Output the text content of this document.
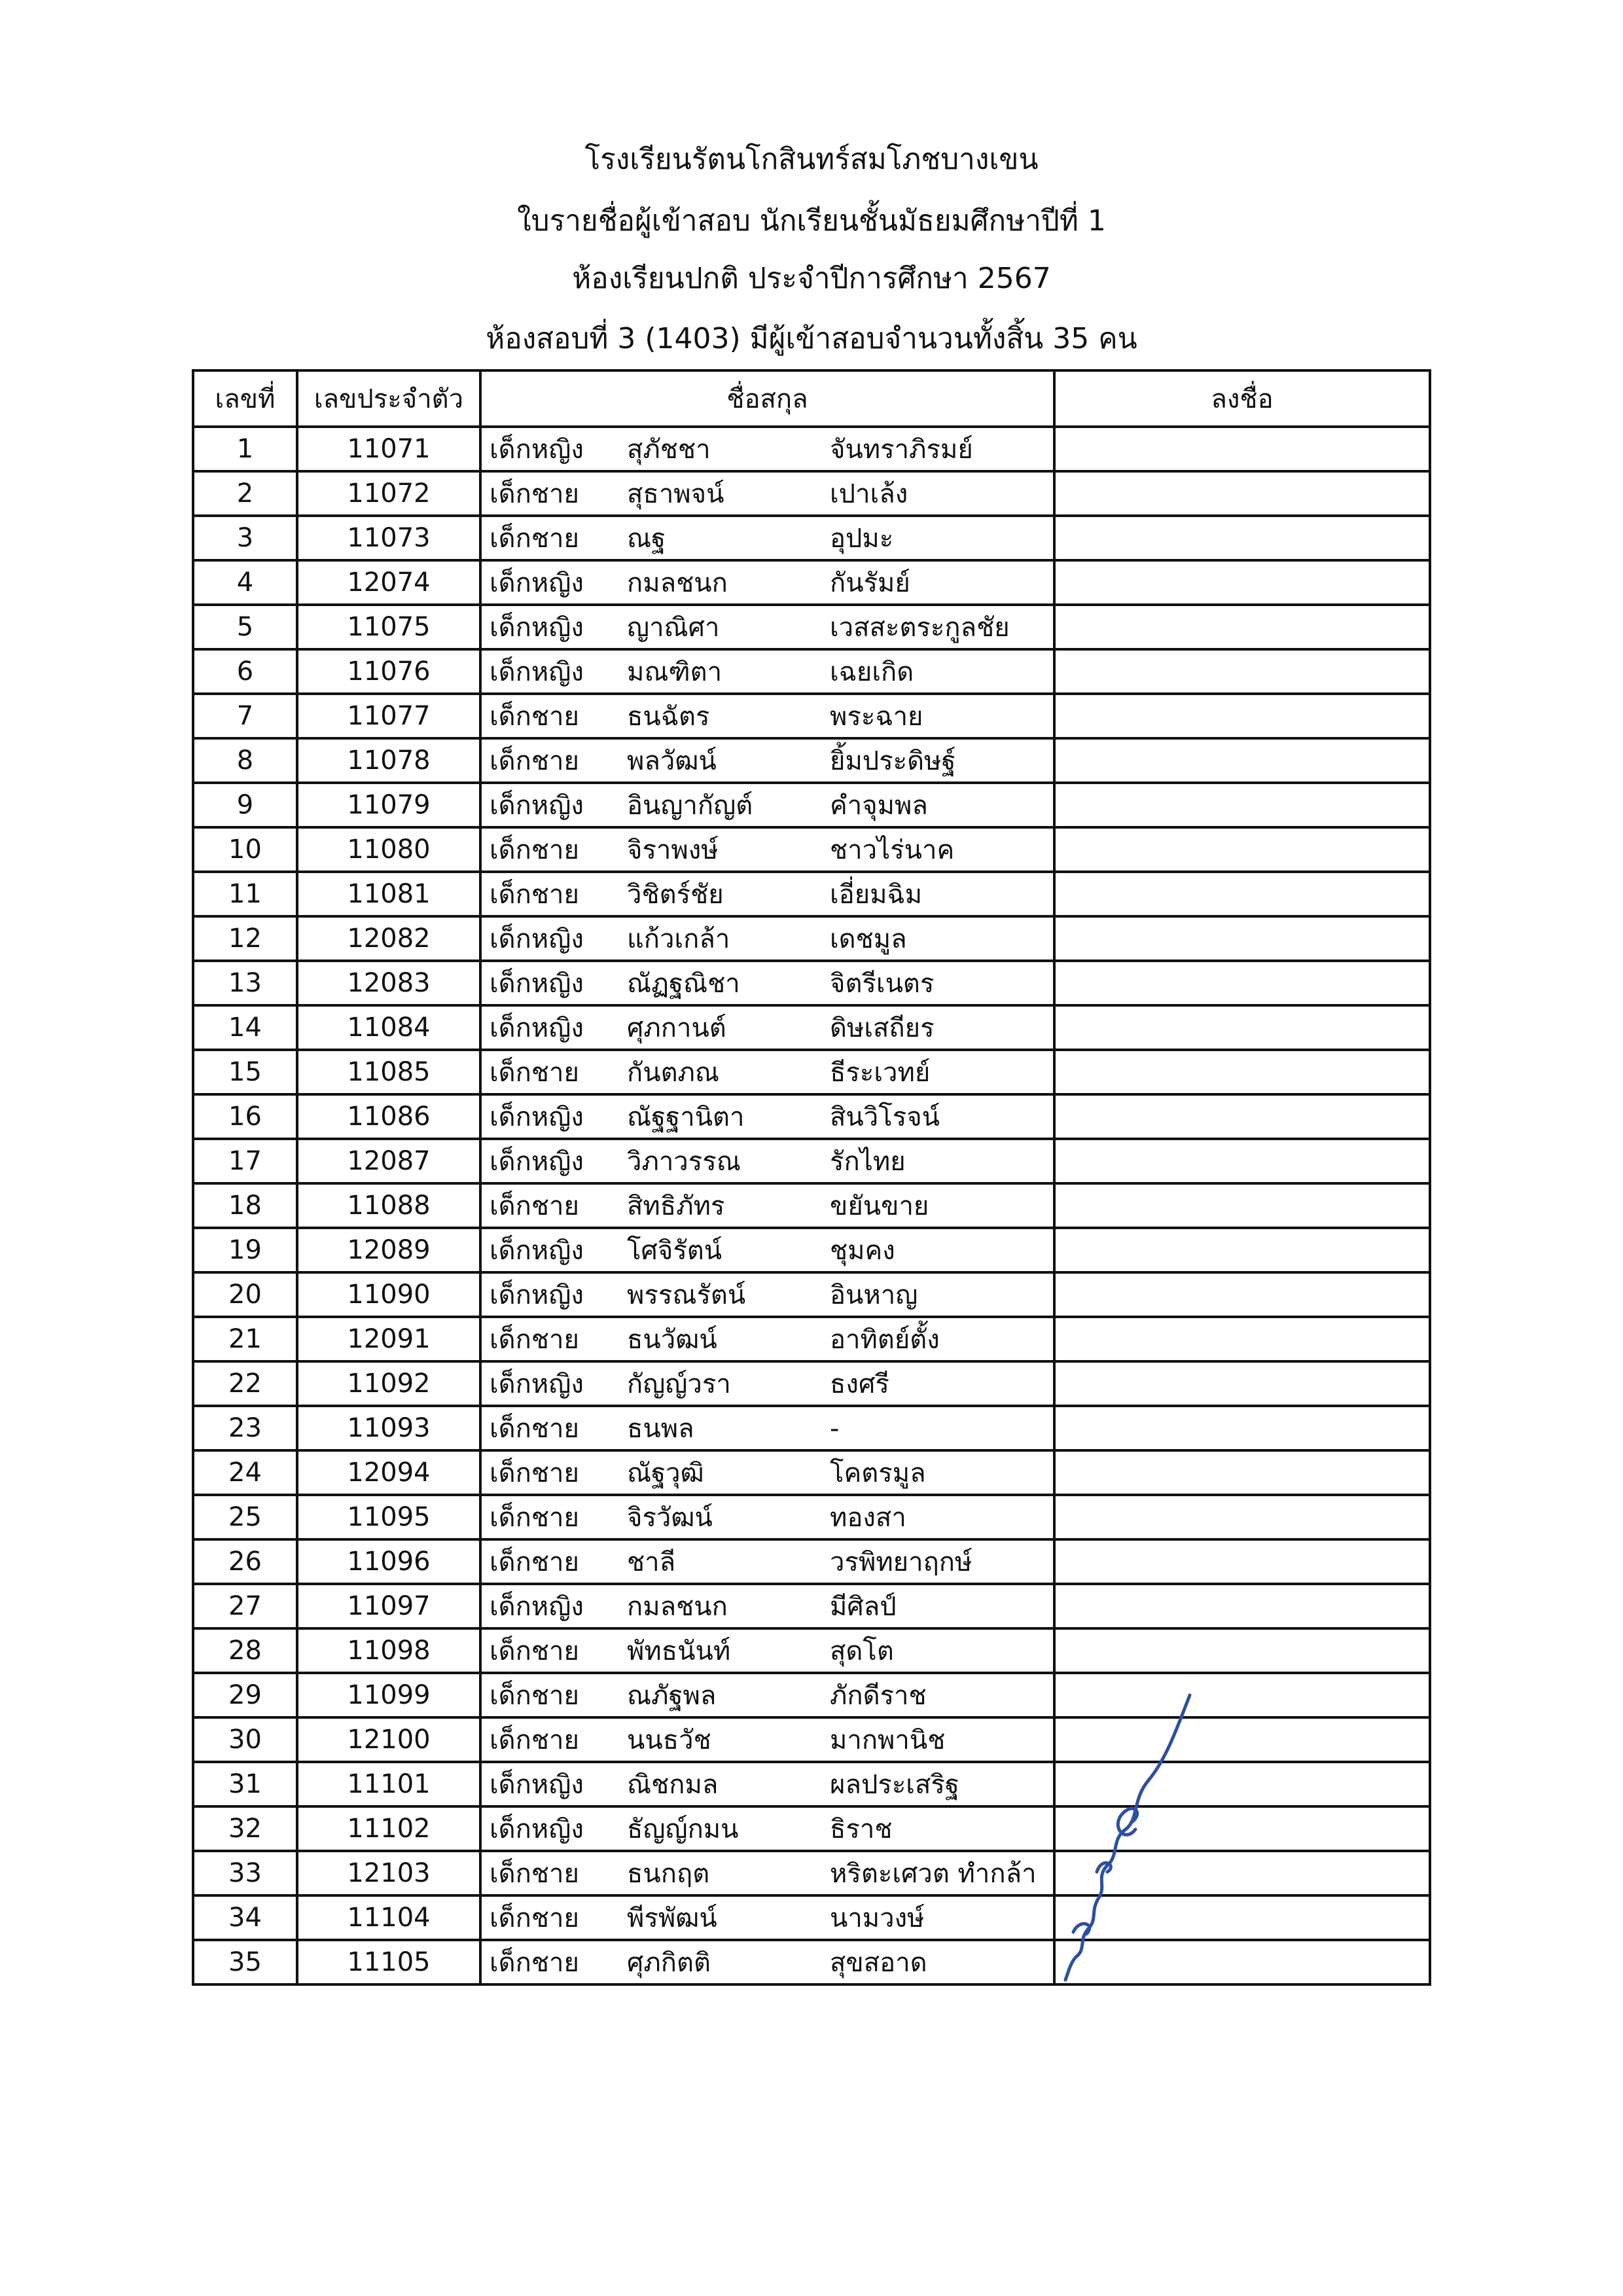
โรงเรียนรัตนโกสินทร์สมโภชบางเขน
ใบรายชื่อผู้เข้าสอบ นักเรียนชั้นมัธยมศึกษาปีที่ 1
ห้องเรียนปกติ ประจำปีการศึกษา 2567
ห้องสอบที่ 3 (1403) มีผู้เข้าสอบจำนวนทั้งสิ้น 35 คน
เลขที่	เลขประจำตัว	ชื่อสกุล	ลงชื่อ
1	11071	เด็กหญิง สุภัชชา จันทราภิรมย์	
2	11072	เด็กชาย สุธาพจน์ เปาเล้ง	
3	11073	เด็กชาย ณฐ อุปมะ	
4	12074	เด็กหญิง กมลชนก กันรัมย์	
5	11075	เด็กหญิง ญาณิศา เวสสะตระกูลชัย	
6	11076	เด็กหญิง มณฑิตา เฉยเกิด	
7	11077	เด็กชาย ธนฉัตร พระฉาย	
8	11078	เด็กชาย พลวัฒน์ ยิ้มประดิษฐ์	
9	11079	เด็กหญิง อินญากัญต์ คำจุมพล	
10	11080	เด็กชาย จิราพงษ์ ชาวไร่นาค	
11	11081	เด็กชาย วิชิตร์ชัย เอี่ยมฉิม	
12	12082	เด็กหญิง แก้วเกล้า เดชมูล	
13	12083	เด็กหญิง ณัฏฐณิชา จิตรีเนตร	
14	11084	เด็กหญิง ศุภกานต์ ดิษเสถียร	
15	11085	เด็กชาย กันตภณ ธีระเวทย์	
16	11086	เด็กหญิง ณัฐฐานิตา สินวิโรจน์	
17	12087	เด็กหญิง วิภาวรรณ รักไทย	
18	11088	เด็กชาย สิทธิภัทร ขยันขาย	
19	12089	เด็กหญิง โศจิรัตน์ ชุมคง	
20	11090	เด็กหญิง พรรณรัตน์ อินหาญ	
21	12091	เด็กชาย ธนวัฒน์ อาทิตย์ตั้ง	
22	11092	เด็กหญิง กัญญ์วรา ธงศรี	
23	11093	เด็กชาย ธนพล -	
24	12094	เด็กชาย ณัฐวุฒิ โคตรมูล	
25	11095	เด็กชาย จิรวัฒน์ ทองสา	
26	11096	เด็กชาย ชาลี วรพิทยาฤกษ์	
27	11097	เด็กหญิง กมลชนก มีศิลป์	
28	11098	เด็กชาย พัทธนันท์ สุดโต	
29	11099	เด็กชาย ณภัฐพล ภักดีราช	
30	12100	เด็กชาย นนธวัช มากพานิช	
31	11101	เด็กหญิง ณิชกมล ผลประเสริฐ	
32	11102	เด็กหญิง ธัญญ์กมน ธิราช	
33	12103	เด็กชาย ธนกฤต หริตะเศวต ทำกล้า	
34	11104	เด็กชาย พีรพัฒน์ นามวงษ์	
35	11105	เด็กชาย ศุภกิตติ สุขสอาด	
